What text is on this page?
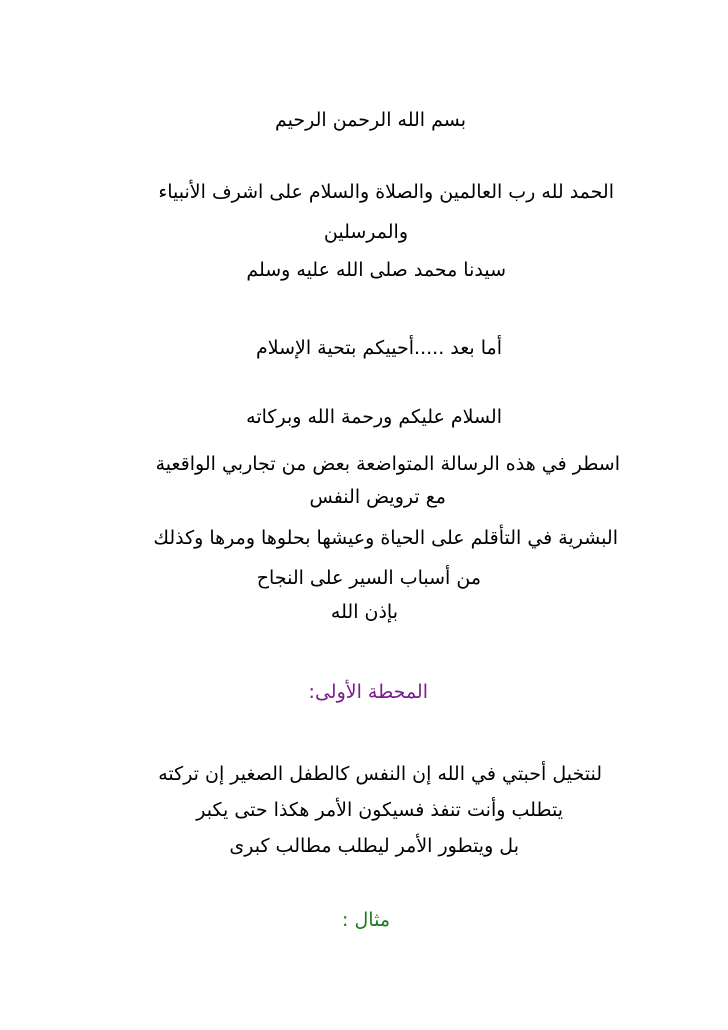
بسم الله الرحمن الرحيم
الحمد لله رب العالمين والصلاة والسلام على اشرف الأنبياء
والمرسلين
سيدنا محمد صلى الله عليه وسلم
أما بعد .....أحييكم بتحية الإسلام
السلام عليكم ورحمة الله وبركاته
اسطر في هذه الرسالة المتواضعة بعض من تجاربي الواقعية
مع ترويض النفس
البشرية في التأقلم على الحياة وعيشها بحلوها ومرها وكذلك
من أسباب السير على النجاح
بإذن الله
المحطة الأولى:
لنتخيل أحبتي في الله إن النفس كالطفل الصغير إن تركته
يتطلب وأنت تنفذ فسيكون الأمر هكذا حتى يكبر
بل ويتطور الأمر ليطلب مطالب كبرى
مثال :
